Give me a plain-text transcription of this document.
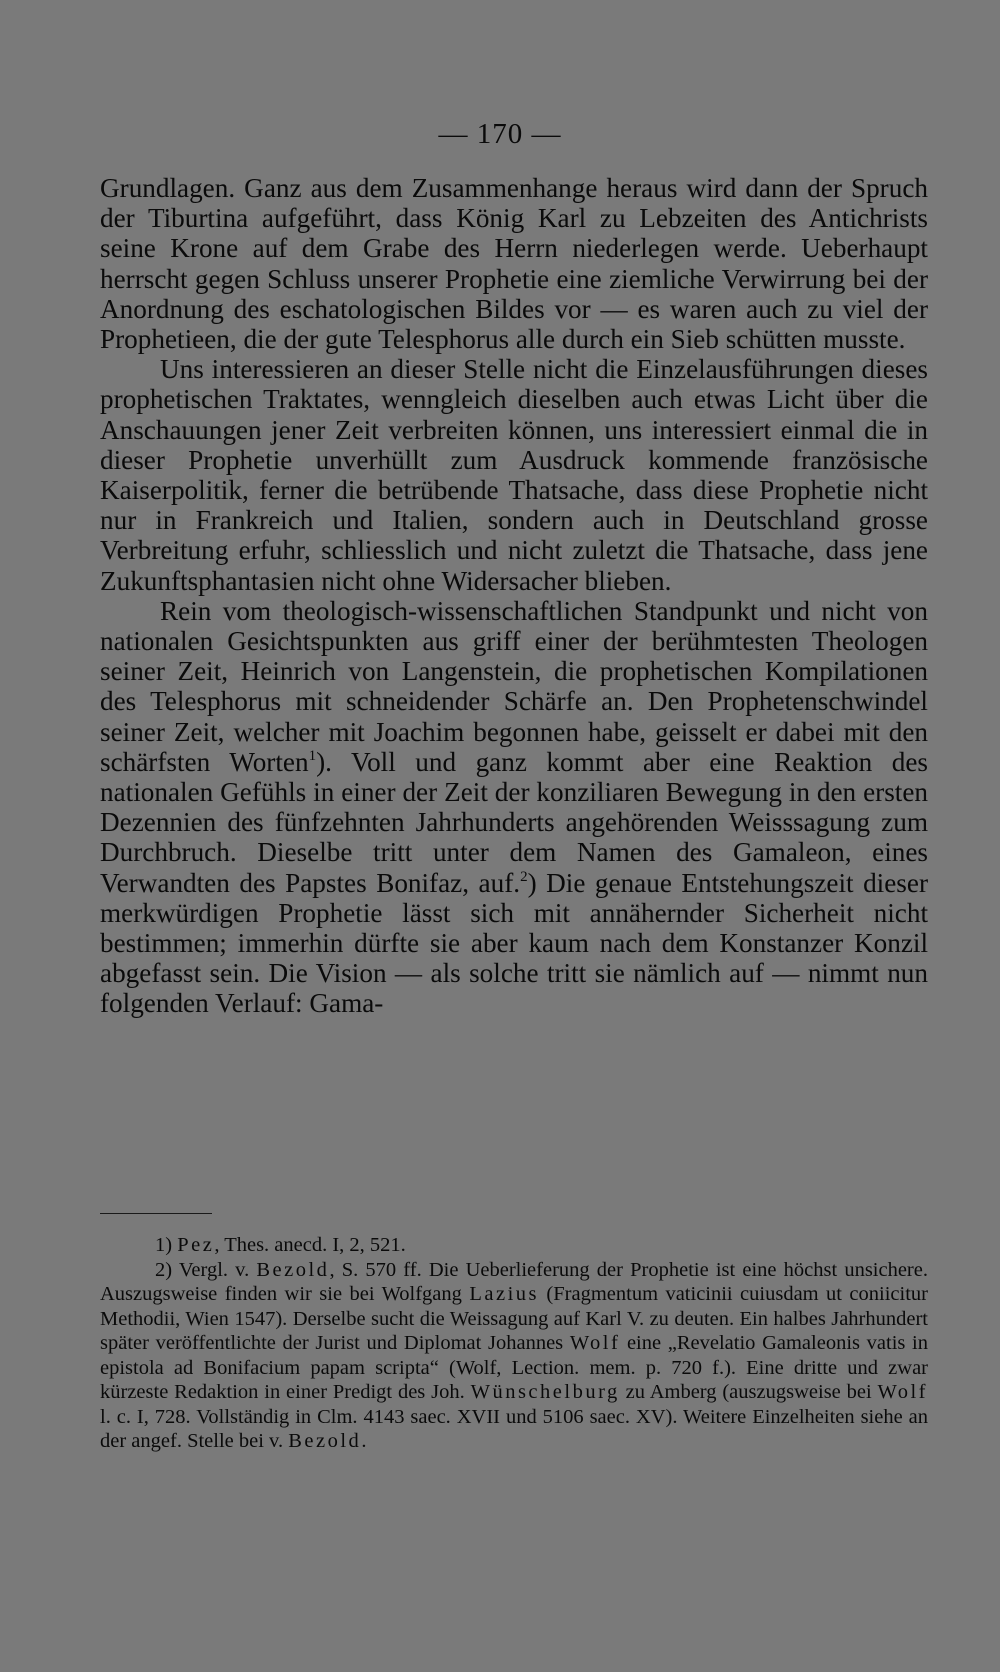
— 170 —

Grundlagen. Ganz aus dem Zusammenhange heraus wird dann der Spruch der Tiburtina aufgeführt, dass König Karl zu Lebzeiten des Antichrists seine Krone auf dem Grabe des Herrn niederlegen werde. Ueberhaupt herrscht gegen Schluss unserer Prophetie eine ziemliche Verwirrung bei der Anordnung des eschatologischen Bildes vor — es waren auch zu viel der Prophetieen, die der gute Telesphorus alle durch ein Sieb schütten musste.

Uns interessieren an dieser Stelle nicht die Einzelausführungen dieses prophetischen Traktates, wenngleich dieselben auch etwas Licht über die Anschauungen jener Zeit verbreiten können, uns interessiert einmal die in dieser Prophetie unverhüllt zum Ausdruck kommende französische Kaiserpolitik, ferner die betrübende Thatsache, dass diese Prophetie nicht nur in Frankreich und Italien, sondern auch in Deutschland grosse Verbreitung erfuhr, schliesslich und nicht zuletzt die Thatsache, dass jene Zukunftsphantasien nicht ohne Widersacher blieben.

Rein vom theologisch-wissenschaftlichen Standpunkt und nicht von nationalen Gesichtspunkten aus griff einer der berühmtesten Theologen seiner Zeit, Heinrich von Langenstein, die prophetischen Kompilationen des Telesphorus mit schneidender Schärfe an. Den Prophetenschwindel seiner Zeit, welcher mit Joachim begonnen habe, geisselt er dabei mit den schärfsten Worten$^1$). Voll und ganz kommt aber eine Reaktion des nationalen Gefühls in einer der Zeit der konziliaren Bewegung in den ersten Dezennien des fünfzehnten Jahrhunderts angehörenden Weisssagung zum Durchbruch. Dieselbe tritt unter dem Namen des Gamaleon, eines Verwandten des Papstes Bonifaz, auf.$^2$) Die genaue Entstehungszeit dieser merkwürdigen Prophetie lässt sich mit annähernder Sicherheit nicht bestimmen; immerhin dürfte sie aber kaum nach dem Konstanzer Konzil abgefasst sein. Die Vision — als solche tritt sie nämlich auf — nimmt nun folgenden Verlauf: Gama-

1) Pez, Thes. anecd. I, 2, 521.

2) Vergl. v. Bezold, S. 570 ff. Die Ueberlieferung der Prophetie ist eine höchst unsichere. Auszugsweise finden wir sie bei Wolfgang Lazius (Fragmentum vaticinii cuiusdam ut coniicitur Methodii, Wien 1547). Derselbe sucht die Weissagung auf Karl V. zu deuten. Ein halbes Jahrhundert später veröffentlichte der Jurist und Diplomat Johannes Wolf eine „Revelatio Gamaleonis vatis in epistola ad Bonifacium papam scripta“ (Wolf, Lection. mem. p. 720 f.). Eine dritte und zwar kürzeste Redaktion in einer Predigt des Joh. Wünschelburg zu Amberg (auszugsweise bei Wolf l. c. I, 728. Vollständig in Clm. 4143 saec. XVII und 5106 saec. XV). Weitere Einzelheiten siehe an der angef. Stelle bei v. Bezold.
